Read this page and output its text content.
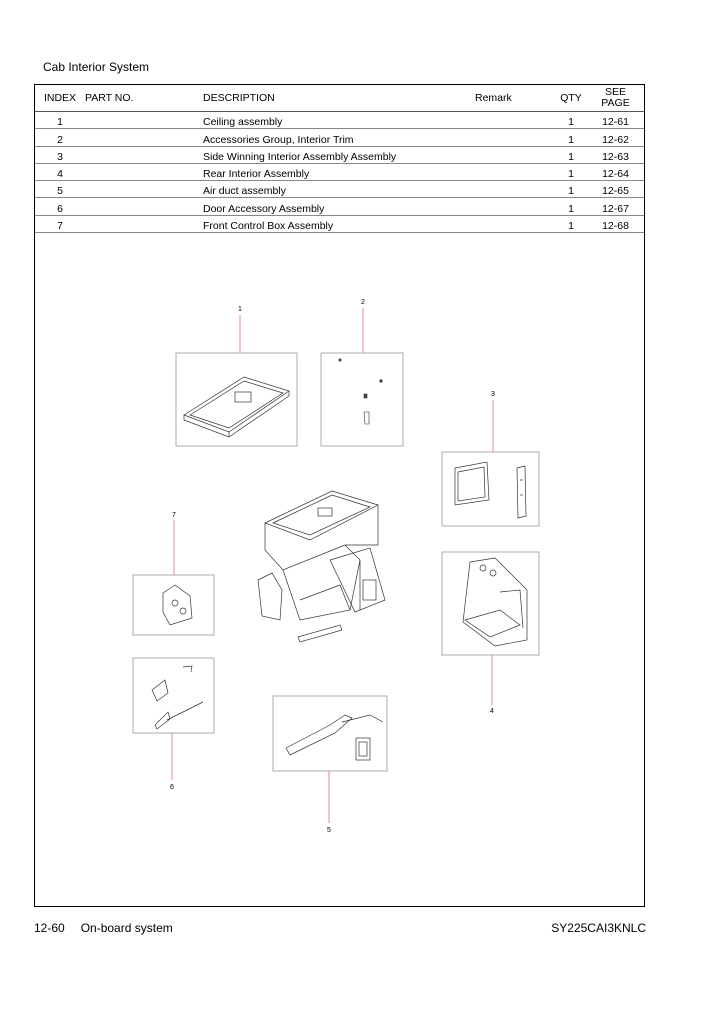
Cab Interior System
INDEX	PART NO.	DESCRIPTION	Remark	QTY	SEE
PAGE
1		Ceiling assembly		1	12-61
2		Accessories Group, Interior Trim		1	12-62
3		Side Winning Interior Assembly Assembly		1	12-63
4		Rear Interior Assembly		1	12-64
5		Air duct assembly		1	12-65
6		Door Accessory Assembly		1	12-67
7		Front Control Box Assembly		1	12-68
1
2
3
4
5
6
7
12-60 On-board system	SY225CAI3KNLC
